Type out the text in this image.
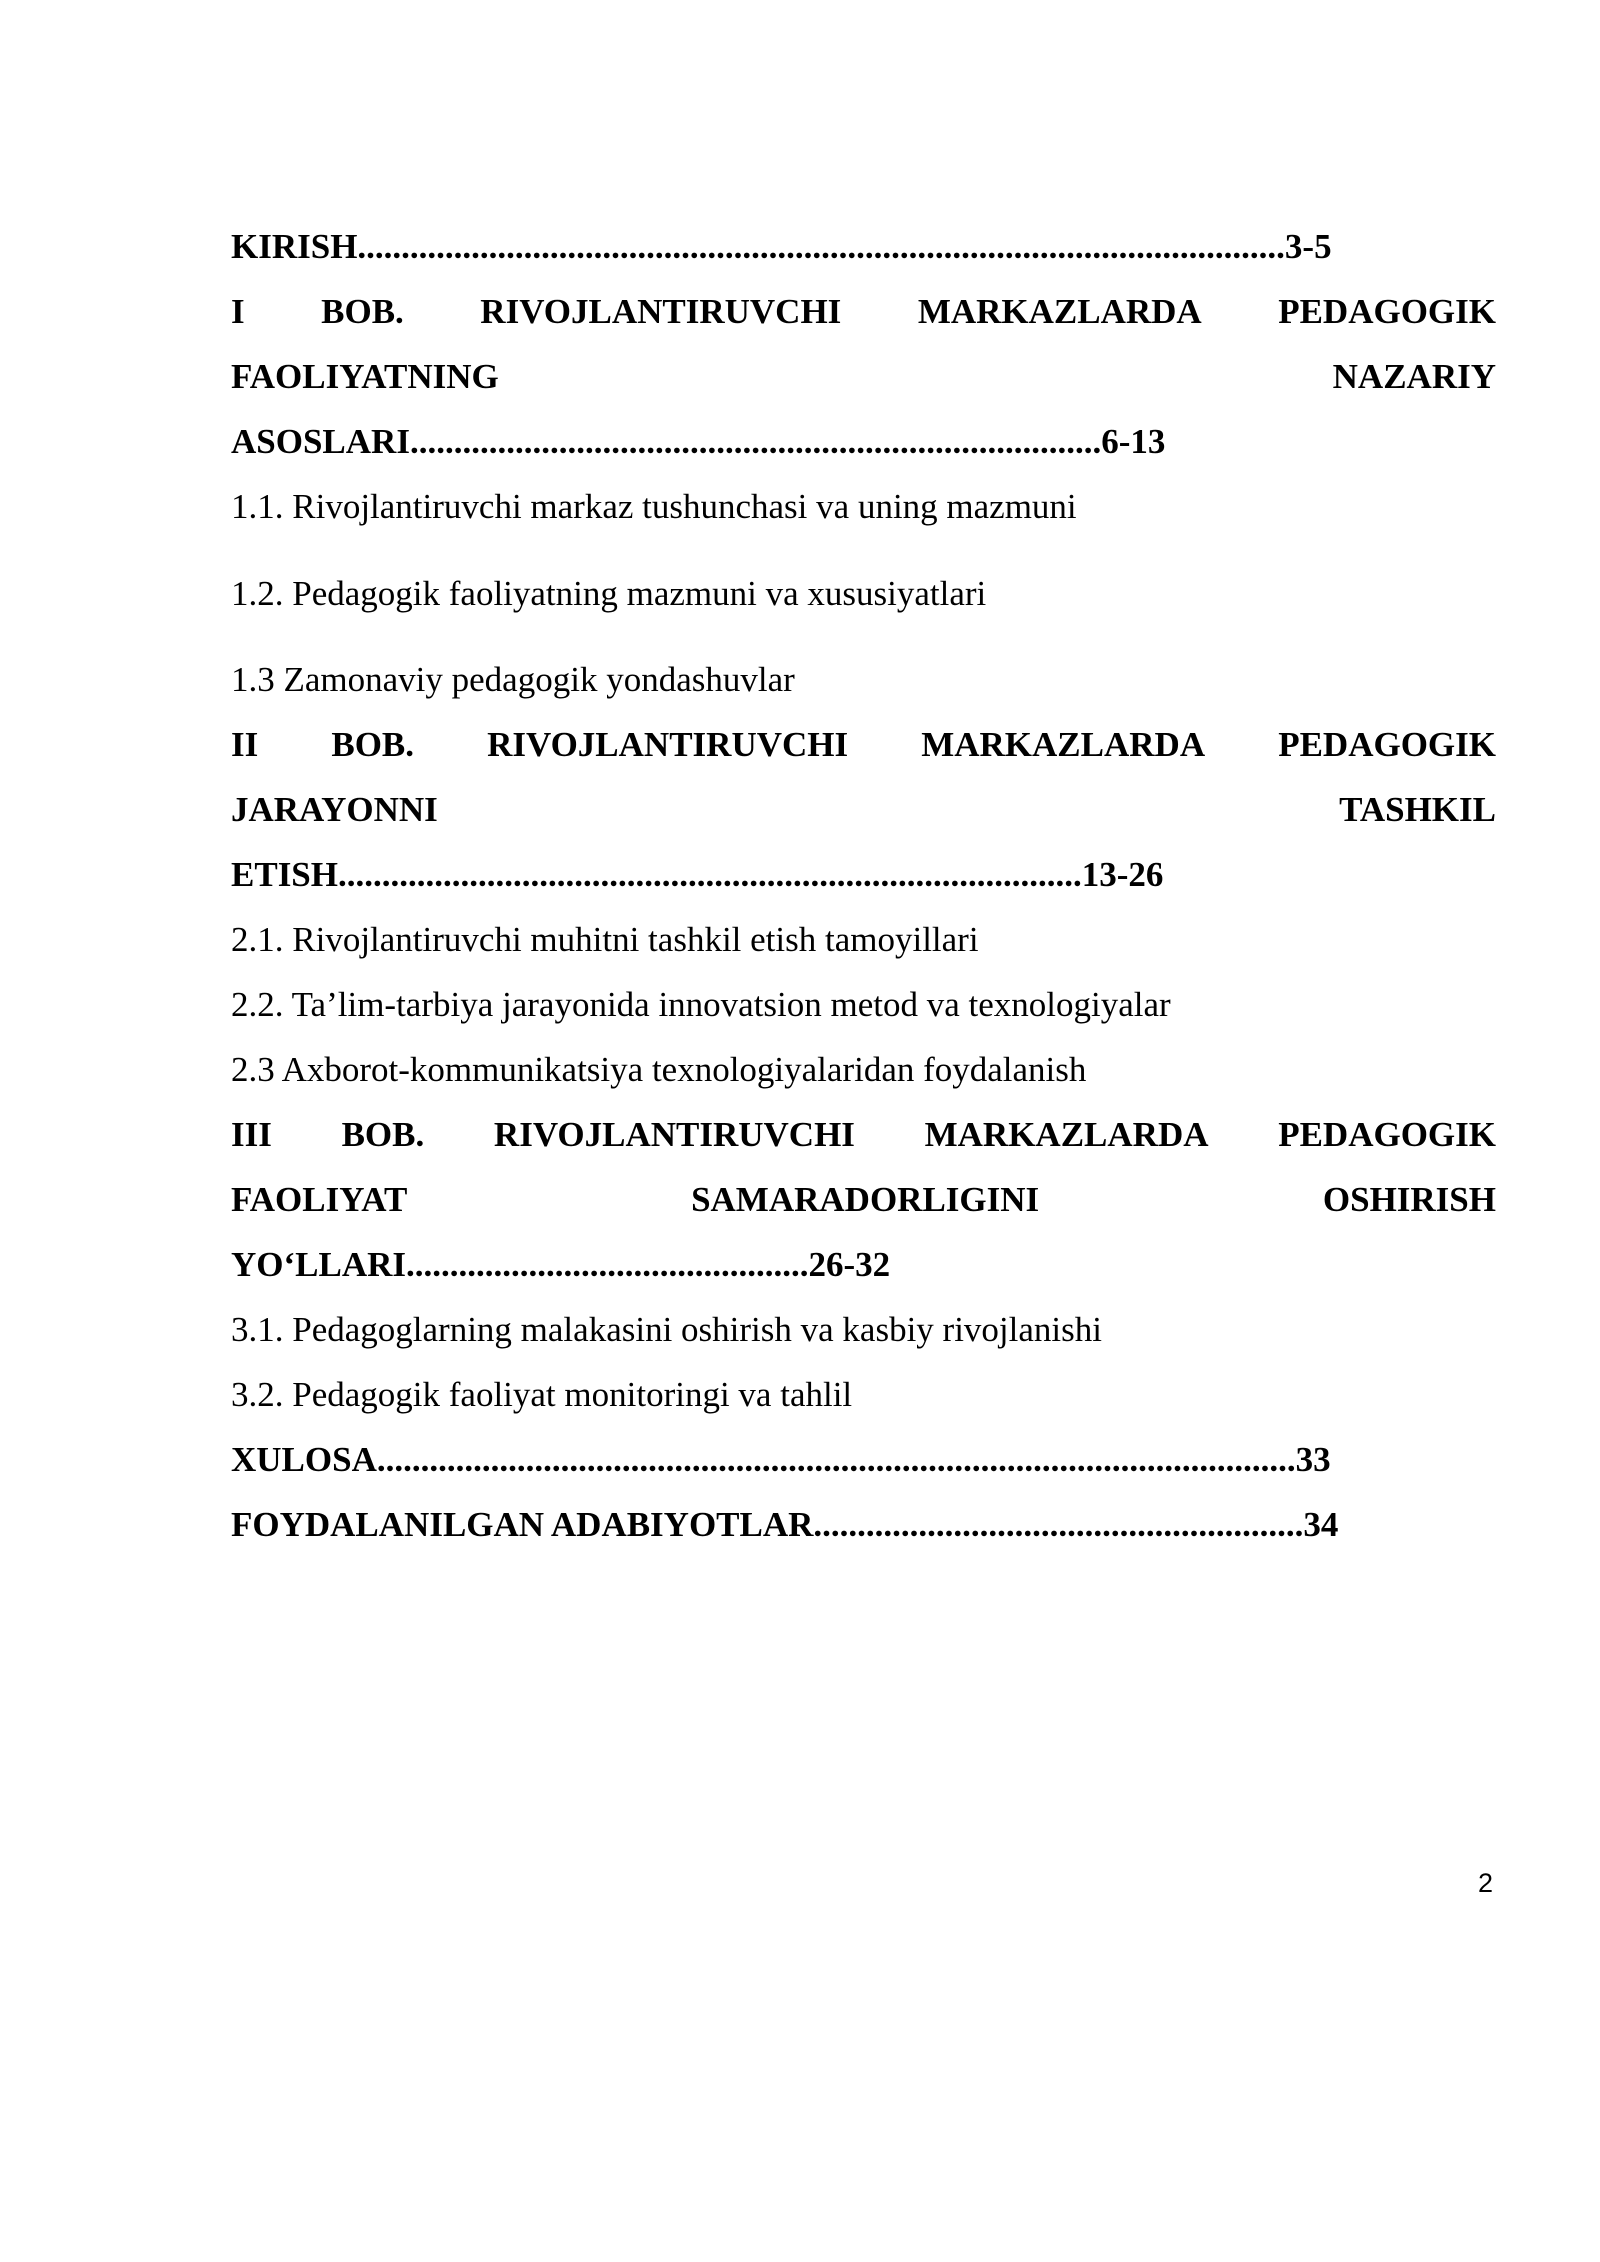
KIRISH..........................................................................................................3-5
I BOB. RIVOJLANTIRUVCHI MARKAZLARDA PEDAGOGIK
FAOLIYATNING	NAZARIY
ASOSLARI...............................................................................6-13
1.1. Rivojlantiruvchi markaz tushunchasi va uning mazmuni
1.2. Pedagogik faoliyatning mazmuni va xususiyatlari
1.3 Zamonaviy pedagogik yondashuvlar
II BOB. RIVOJLANTIRUVCHI MARKAZLARDA PEDAGOGIK
JARAYONNI	TASHKIL
ETISH.....................................................................................13-26
2.1. Rivojlantiruvchi muhitni tashkil etish tamoyillari
2.2. Ta’lim-tarbiya jarayonida innovatsion metod va texnologiyalar
2.3 Axborot-kommunikatsiya texnologiyalaridan foydalanish
III BOB. RIVOJLANTIRUVCHI MARKAZLARDA PEDAGOGIK
FAOLIYAT	SAMARADORLIGINI	OSHIRISH
YO‘LLARI..............................................26-32
3.1. Pedagoglarning malakasini oshirish va kasbiy rivojlanishi
3.2. Pedagogik faoliyat monitoringi va tahlil
XULOSA.........................................................................................................33
FOYDALANILGAN ADABIYOTLAR........................................................34
2
